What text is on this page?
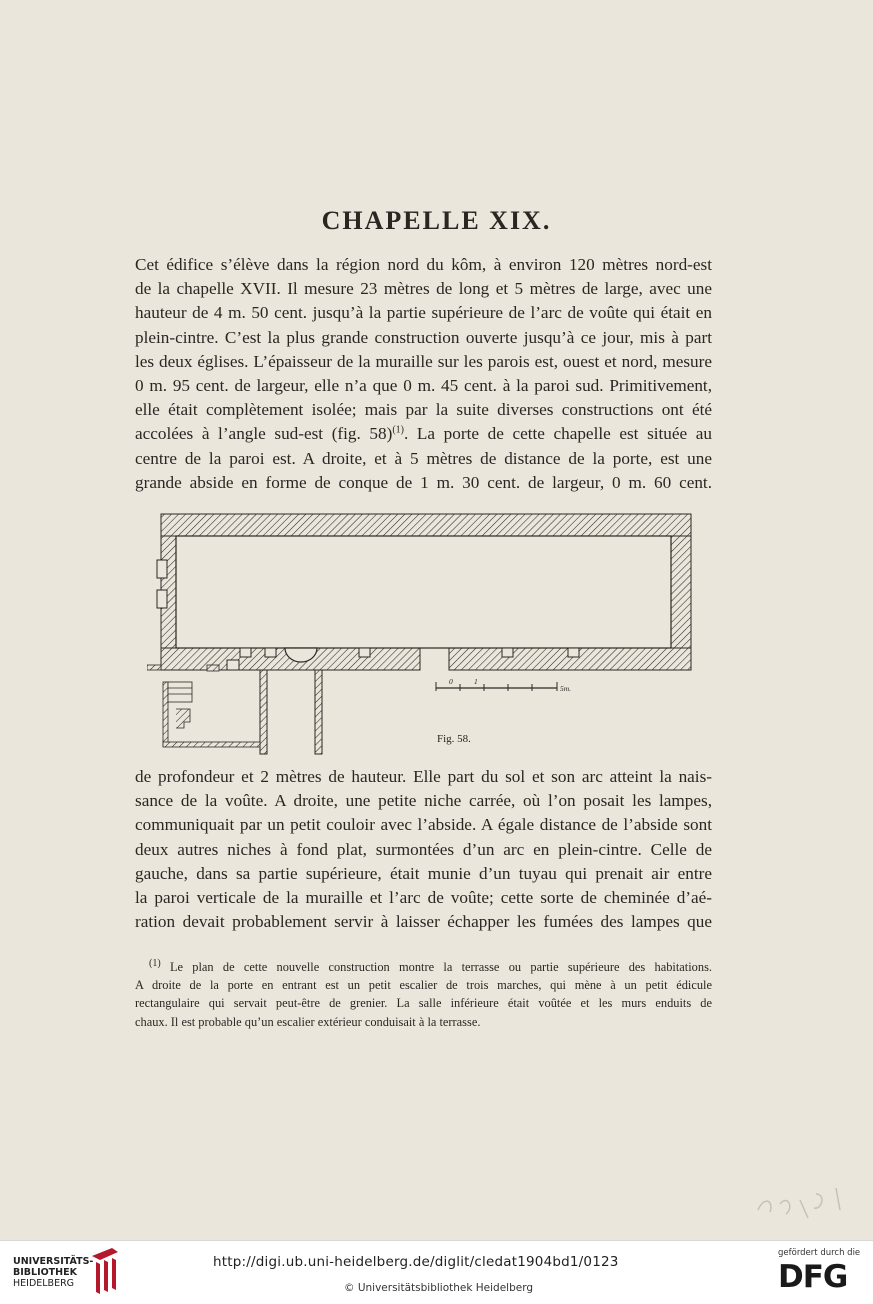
CHAPELLE XIX.
Cet édifice s’élève dans la région nord du kôm, à environ 120 mètres nord-est
de la chapelle XVII. Il mesure 23 mètres de long et 5 mètres de large, avec une
hauteur de 4 m. 50 cent. jusqu’à la partie supérieure de l’arc de voûte qui était en
plein-cintre. C’est la plus grande construction ouverte jusqu’à ce jour, mis à part
les deux églises. L’épaisseur de la muraille sur les parois est, ouest et nord, mesure
0 m. 95 cent. de largeur, elle n’a que 0 m. 45 cent. à la paroi sud. Primitivement,
elle était complètement isolée; mais par la suite diverses constructions ont été
accolées à l’angle sud-est (fig. 58)$^{(1)}$. La porte de cette chapelle est située au
centre de la paroi est. A droite, et à 5 mètres de distance de la porte, est une
grande abside en forme de conque de 1 m. 30 cent. de largeur, 0 m. 60 cent.
0	1
5m.
Fig. 58.
de profondeur et 2 mètres de hauteur. Elle part du sol et son arc atteint la nais-
sance de la voûte. A droite, une petite niche carrée, où l’on posait les lampes,
communiquait par un petit couloir avec l’abside. A égale distance de l’abside sont
deux autres niches à fond plat, surmontées d’un arc en plein-cintre. Celle de
gauche, dans sa partie supérieure, était munie d’un tuyau qui prenait air entre
la paroi verticale de la muraille et l’arc de voûte; cette sorte de cheminée d’aé-
ration devait probablement servir à laisser échapper les fumées des lampes que
$^{(1)}$ Le plan de cette nouvelle construction montre la terrasse ou partie supérieure des habitations.
A droite de la porte en entrant est un petit escalier de trois marches, qui mène à un petit édicule
rectangulaire qui servait peut-être de grenier. La salle inférieure était voûtée et les murs enduits de
chaux. Il est probable qu’un escalier extérieur conduisait à la terrasse.
UNIVERSITÄTS-
BIBLIOTHEK
HEIDELBERG
http://digi.ub.uni-heidelberg.de/diglit/cledat1904bd1/0123
© Universitätsbibliothek Heidelberg
gefördert durch die
DFG
